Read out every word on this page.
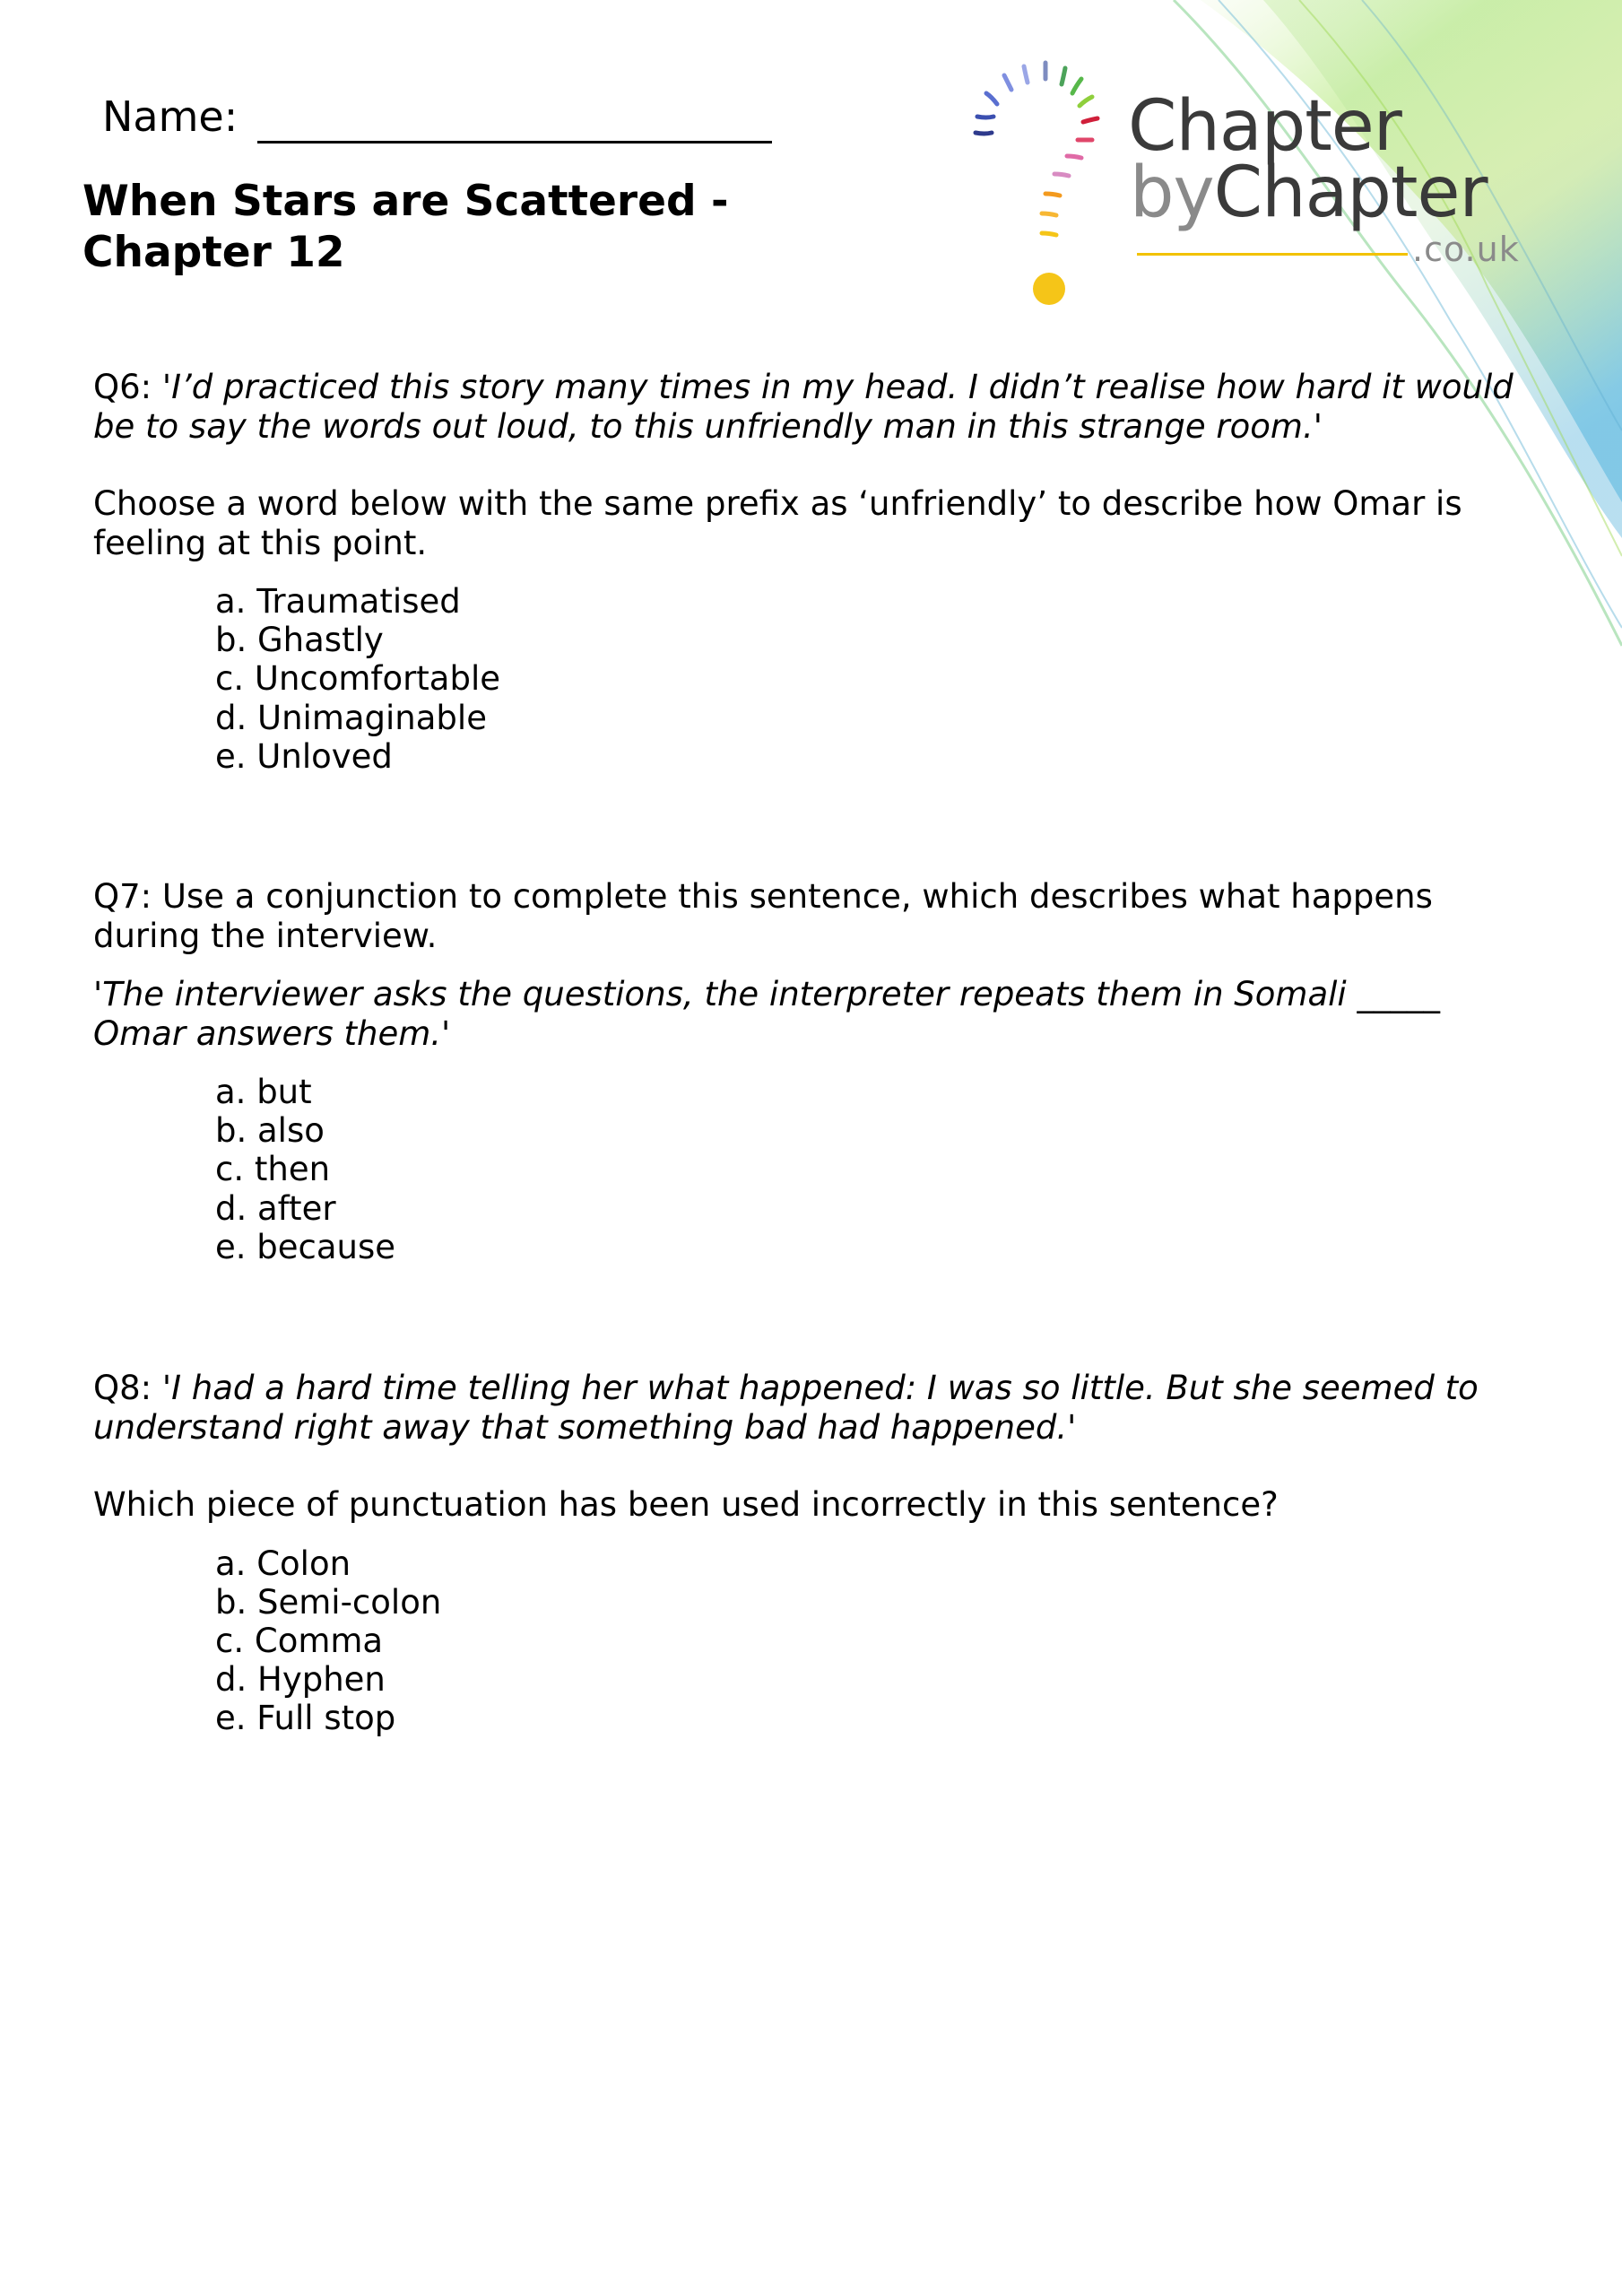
Name:
When Stars are Scattered - Chapter 12
Chapter
byChapter
.co.uk

Q6: 'I’d practiced this story many times in my head. I didn’t realise how hard it would be to say the words out loud, to this unfriendly man in this strange room.'

Choose a word below with the same prefix as ‘unfriendly’ to describe how Omar is feeling at this point.

a. Traumatised
b. Ghastly
c. Uncomfortable
d. Unimaginable
e. Unloved

Q7: Use a conjunction to complete this sentence, which describes what happens during the interview.

'The interviewer asks the questions, the interpreter repeats them in Somali _____ Omar answers them.'

a. but
b. also
c. then
d. after
e. because

Q8: 'I had a hard time telling her what happened: I was so little. But she seemed to understand right away that something bad had happened.'

Which piece of punctuation has been used incorrectly in this sentence?

a. Colon
b. Semi-colon
c. Comma
d. Hyphen
e. Full stop
